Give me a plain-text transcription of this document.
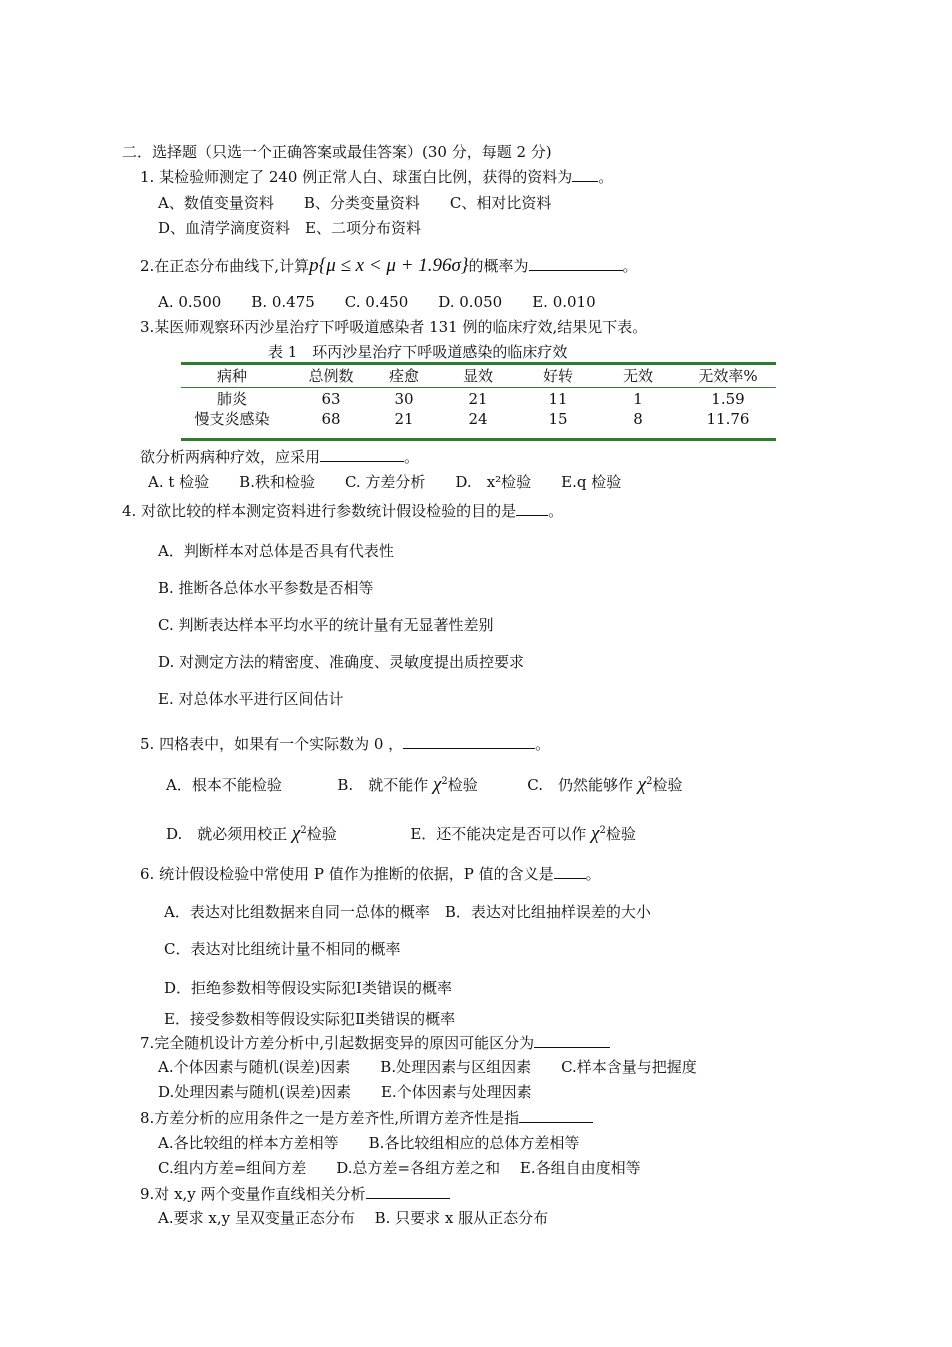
二．选择题（只选一个正确答案或最佳答案）(30 分，每题 2 分)
1. 某检验师测定了 240 例正常人白、球蛋白比例，获得的资料为 。
A、数值变量资料　　B、分类变量资料　　C、相对比资料
D、血清学滴度资料　E、二项分布资料
2.在正态分布曲线下,计算p{μ ≤ x < μ + 1.96σ}的概率为	。
A. 0.500　　B. 0.475　　C. 0.450　　D. 0.050　　E. 0.010
3.某医师观察环丙沙星治疗下呼吸道感染者 131 例的临床疗效,结果见下表。
表 1　环丙沙星治疗下呼吸道感染的临床疗效
病种	总例数	痊愈	显效	好转	无效	无效率%
肺炎	63	30	21	11	1	1.59
慢支炎感染	68	21	24	15	8	11.76
欲分析两病种疗效，应采用	。
A. t 检验　　B.秩和检验　　C. 方差分析　　D.　x²检验　　E.q 检验
4. 对欲比较的样本测定资料进行参数统计假设检验的目的是 。
A．判断样本对总体是否具有代表性
B. 推断各总体水平参数是否相等
C. 判断表达样本平均水平的统计量有无显著性差别
D. 对测定方法的精密度、准确度、灵敏度提出质控要求
E. 对总体水平进行区间估计
5. 四格表中，如果有一个实际数为 0 ，	。
A．根本不能检验	B.　就不能作 $\chi^2$检验	C.　仍然能够作 $\chi^2$检验
D.　就必须用校正 $\chi^2$检验	E．还不能决定是否可以作 $\chi^2$检验
6. 统计假设检验中常使用 P 值作为推断的依据，P 值的含义是 。
A．表达对比组数据来自同一总体的概率　B．表达对比组抽样误差的大小
C．表达对比组统计量不相同的概率
D．拒绝参数相等假设实际犯Ⅰ类错误的概率
E．接受参数相等假设实际犯Ⅱ类错误的概率
7.完全随机设计方差分析中,引起数据变异的原因可能区分为
A.个体因素与随机(误差)因素　　B.处理因素与区组因素　　C.样本含量与把握度
D.处理因素与随机(误差)因素　　E.个体因素与处理因素
8.方差分析的应用条件之一是方差齐性,所谓方差齐性是指
A.各比较组的样本方差相等　　B.各比较组相应的总体方差相等
C.组内方差=组间方差　　D.总方差=各组方差之和　 E.各组自由度相等
9.对 x,y 两个变量作直线相关分析
A.要求 x,y 呈双变量正态分布　 B. 只要求 x 服从正态分布
